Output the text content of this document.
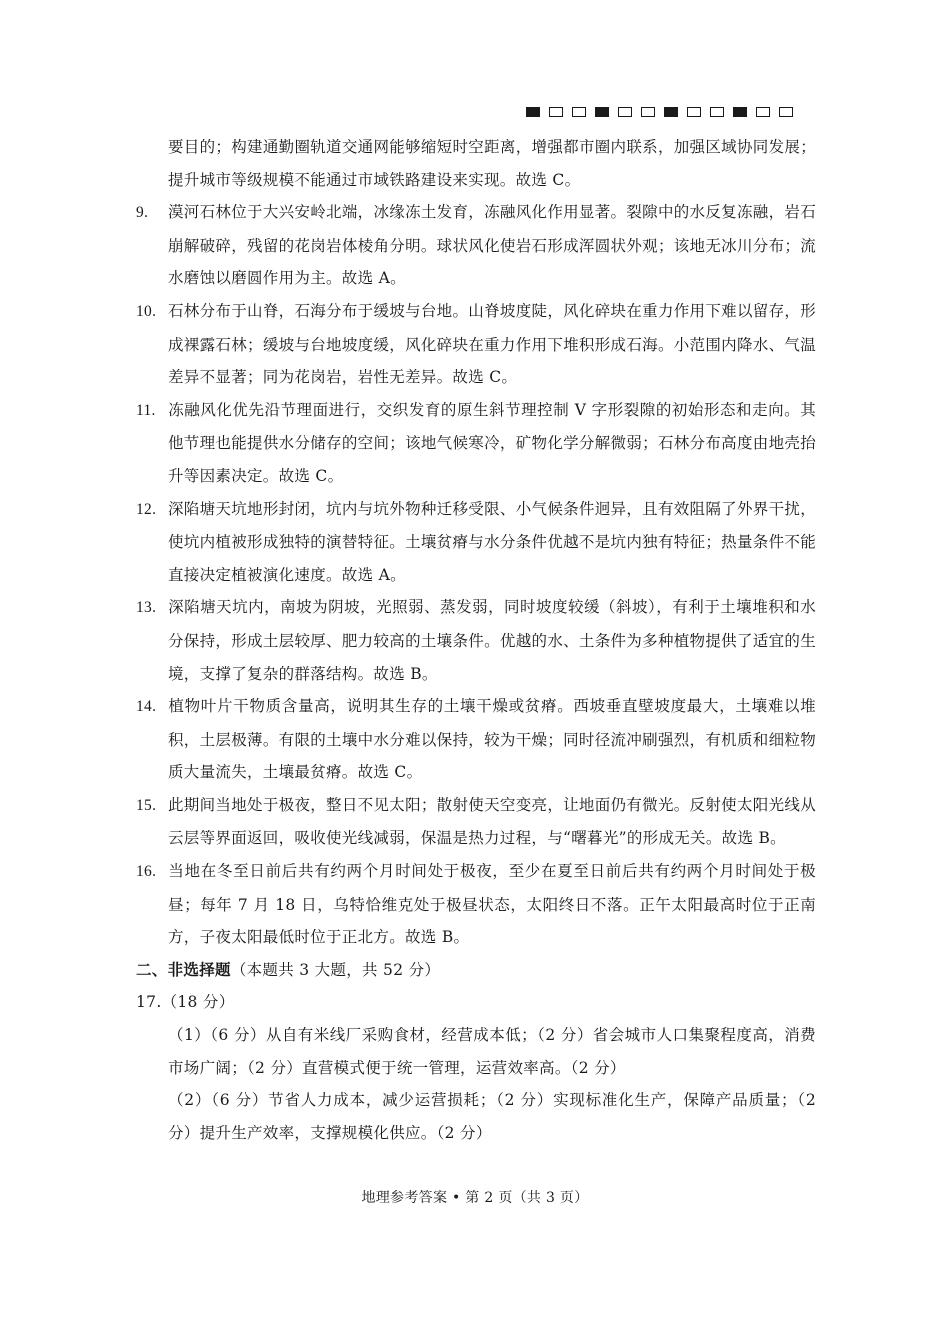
要目的；构建通勤圈轨道交通网能够缩短时空距离，增强都市圈内联系，加强区域协同发展；提升城市等级规模不能通过市域铁路建设来实现。故选 C。

9. 漠河石林位于大兴安岭北端，冰缘冻土发育，冻融风化作用显著。裂隙中的水反复冻融，岩石崩解破碎，残留的花岗岩体棱角分明。球状风化使岩石形成浑圆状外观；该地无冰川分布；流水磨蚀以磨圆作用为主。故选 A。

10. 石林分布于山脊，石海分布于缓坡与台地。山脊坡度陡，风化碎块在重力作用下难以留存，形成裸露石林；缓坡与台地坡度缓，风化碎块在重力作用下堆积形成石海。小范围内降水、气温差异不显著；同为花岗岩，岩性无差异。故选 C。

11. 冻融风化优先沿节理面进行，交织发育的原生斜节理控制 V 字形裂隙的初始形态和走向。其他节理也能提供水分储存的空间；该地气候寒冷，矿物化学分解微弱；石林分布高度由地壳抬升等因素决定。故选 C。

12. 深陷塘天坑地形封闭，坑内与坑外物种迁移受限、小气候条件迥异，且有效阻隔了外界干扰，使坑内植被形成独特的演替特征。土壤贫瘠与水分条件优越不是坑内独有特征；热量条件不能直接决定植被演化速度。故选 A。

13. 深陷塘天坑内，南坡为阴坡，光照弱、蒸发弱，同时坡度较缓（斜坡），有利于土壤堆积和水分保持，形成土层较厚、肥力较高的土壤条件。优越的水、土条件为多种植物提供了适宜的生境，支撑了复杂的群落结构。故选 B。

14. 植物叶片干物质含量高，说明其生存的土壤干燥或贫瘠。西坡垂直壁坡度最大，土壤难以堆积，土层极薄。有限的土壤中水分难以保持，较为干燥；同时径流冲刷强烈，有机质和细粒物质大量流失，土壤最贫瘠。故选 C。

15. 此期间当地处于极夜，整日不见太阳；散射使天空变亮，让地面仍有微光。反射使太阳光线从云层等界面返回，吸收使光线减弱，保温是热力过程，与“曙暮光”的形成无关。故选 B。

16. 当地在冬至日前后共有约两个月时间处于极夜，至少在夏至日前后共有约两个月时间处于极昼；每年 7 月 18 日，乌特恰维克处于极昼状态，太阳终日不落。正午太阳最高时位于正南方，子夜太阳最低时位于正北方。故选 B。

二、非选择题（本题共 3 大题，共 52 分）

17.（18 分）

（1）（6 分）从自有米线厂采购食材，经营成本低；（2 分）省会城市人口集聚程度高，消费市场广阔；（2 分）直营模式便于统一管理，运营效率高。（2 分）

（2）（6 分）节省人力成本，减少运营损耗；（2 分）实现标准化生产，保障产品质量；（2 分）提升生产效率，支撑规模化供应。（2 分）

地理参考答案 • 第 2 页（共 3 页）
